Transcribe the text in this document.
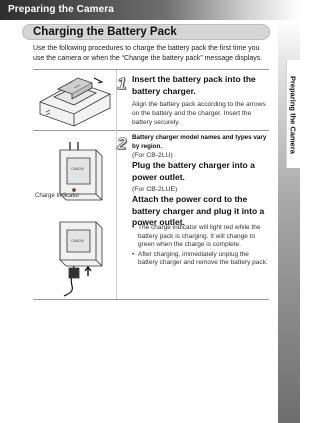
Preparing the Camera
Preparing the Camera
Charging the Battery Pack

Use the following procedures to charge the battery pack the first time you use the camera or when the “Change the battery pack” message displays.

CANON
CANON
Charge Indicator
1 Insert the battery pack into the battery charger.
Align the battery pack according to the arrows on the battery and the charger. Insert the battery securely.
2 Battery charger model names and types vary by region.
(For CB-2LU)
Plug the battery charger into a power outlet.
(For CB-2LUE)
Attach the power cord to the battery charger and plug it into a power outlet.
• The charge indicator will light red while the battery pack is charging. It will change to green when the charge is complete.
• After charging, immediately unplug the battery charger and remove the battery pack.
